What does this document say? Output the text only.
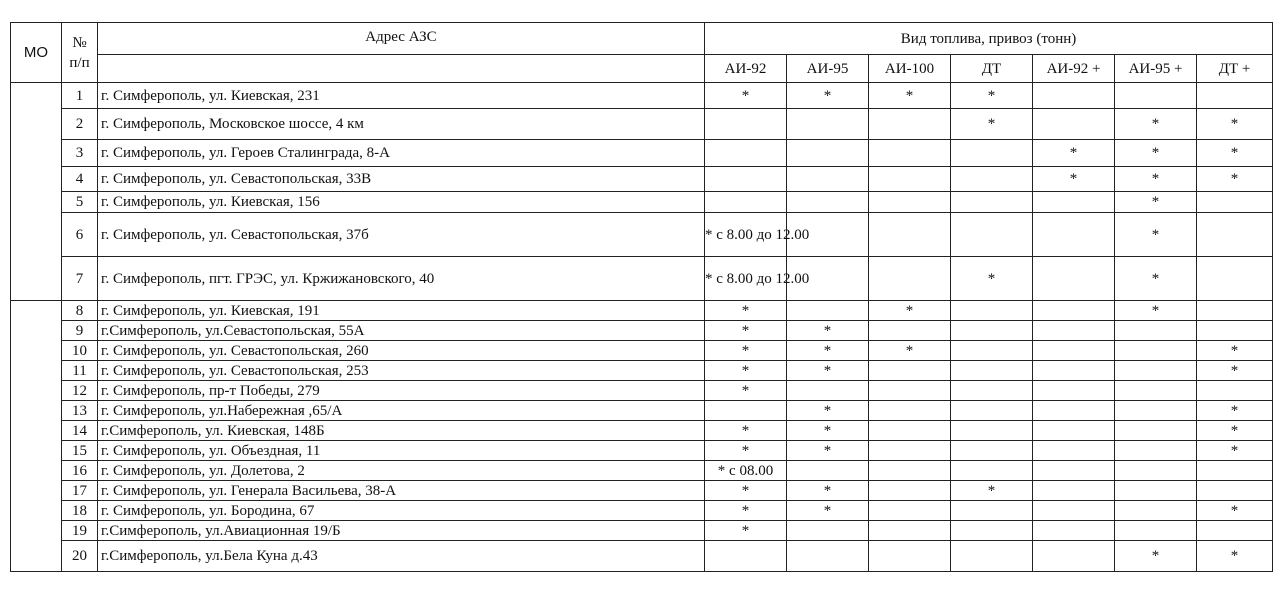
МО	№
п/п	Адрес АЗС	Вид топлива, привоз (тонн)						
			АИ-92	АИ-95	АИ-100	ДТ	АИ-92 +	АИ-95 +	ДТ +
	1	г. Симферополь, ул. Киевская, 231	*	*	*	*			
	2	г. Симферополь, Московское шоссе, 4 км				*		*	*
	3	г. Симферополь, ул. Героев Сталинграда, 8-А					*	*	*
	4	г. Симферополь, ул. Севастопольская, 33В					*	*	*
	5	г. Симферополь, ул. Киевская, 156						*	
	6	г. Симферополь, ул. Севастопольская, 37б	* с 8.00 до 12.00					*	
	7	г. Симферополь, пгт. ГРЭС, ул. Кржижановского, 40	* с 8.00 до 12.00			*		*	
	8	г. Симферополь, ул. Киевская, 191	*		*			*	
	9	г.Симферополь, ул.Севастопольская, 55А	*	*					
	10	г. Симферополь, ул. Севастопольская, 260	*	*	*				*
	11	г. Симферополь, ул. Севастопольская, 253	*	*					*
	12	г. Симферополь, пр-т Победы, 279	*						
	13	г. Симферополь, ул.Набережная ,65/А		*					*
	14	г.Симферополь, ул. Киевская, 148Б	*	*					*
	15	г. Симферополь, ул. Объездная, 11	*	*					*
	16	г. Симферополь, ул. Долетова, 2	* с 08.00						
	17	г. Симферополь, ул. Генерала Васильева, 38-А	*	*		*			
	18	г. Симферополь, ул. Бородина, 67	*	*					*
	19	г.Симферополь, ул.Авиационная 19/Б	*						
	20	г.Симферополь, ул.Бела Куна д.43						*	*
